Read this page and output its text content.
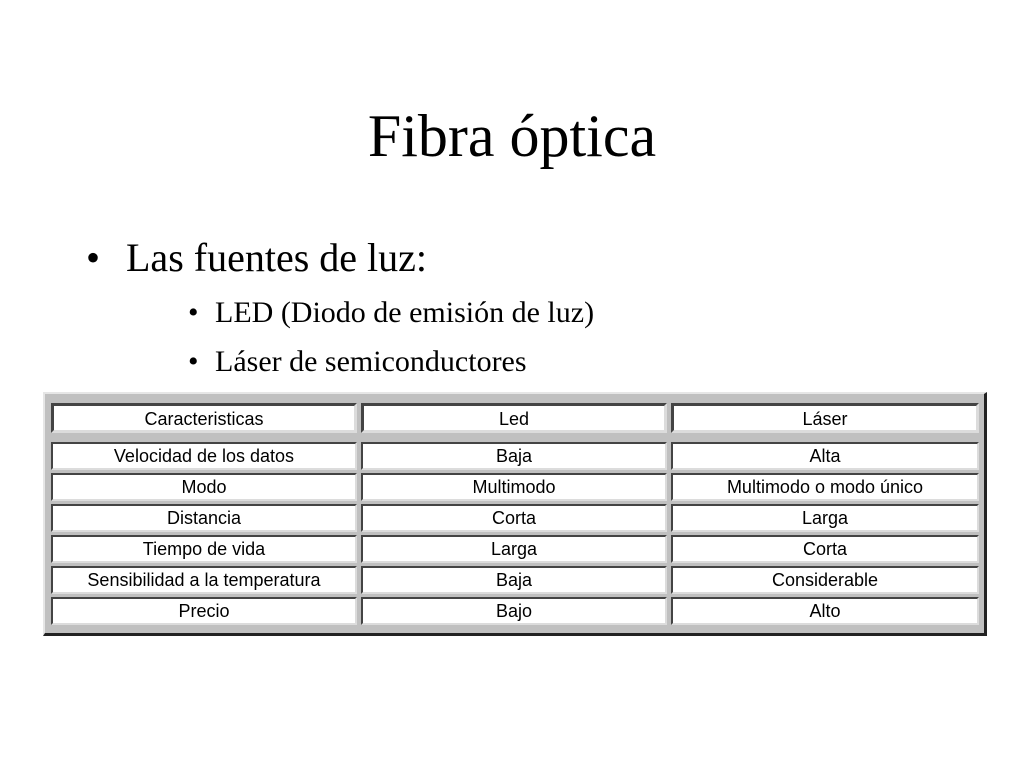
Fibra óptica
• Las fuentes de luz:
• LED (Diodo de emisión de luz)
• Láser de semiconductores
Caracteristicas	Led	Láser
Velocidad de los datos	Baja	Alta
Modo	Multimodo	Multimodo o modo único
Distancia	Corta	Larga
Tiempo de vida	Larga	Corta
Sensibilidad a la temperatura	Baja	Considerable
Precio	Bajo	Alto
